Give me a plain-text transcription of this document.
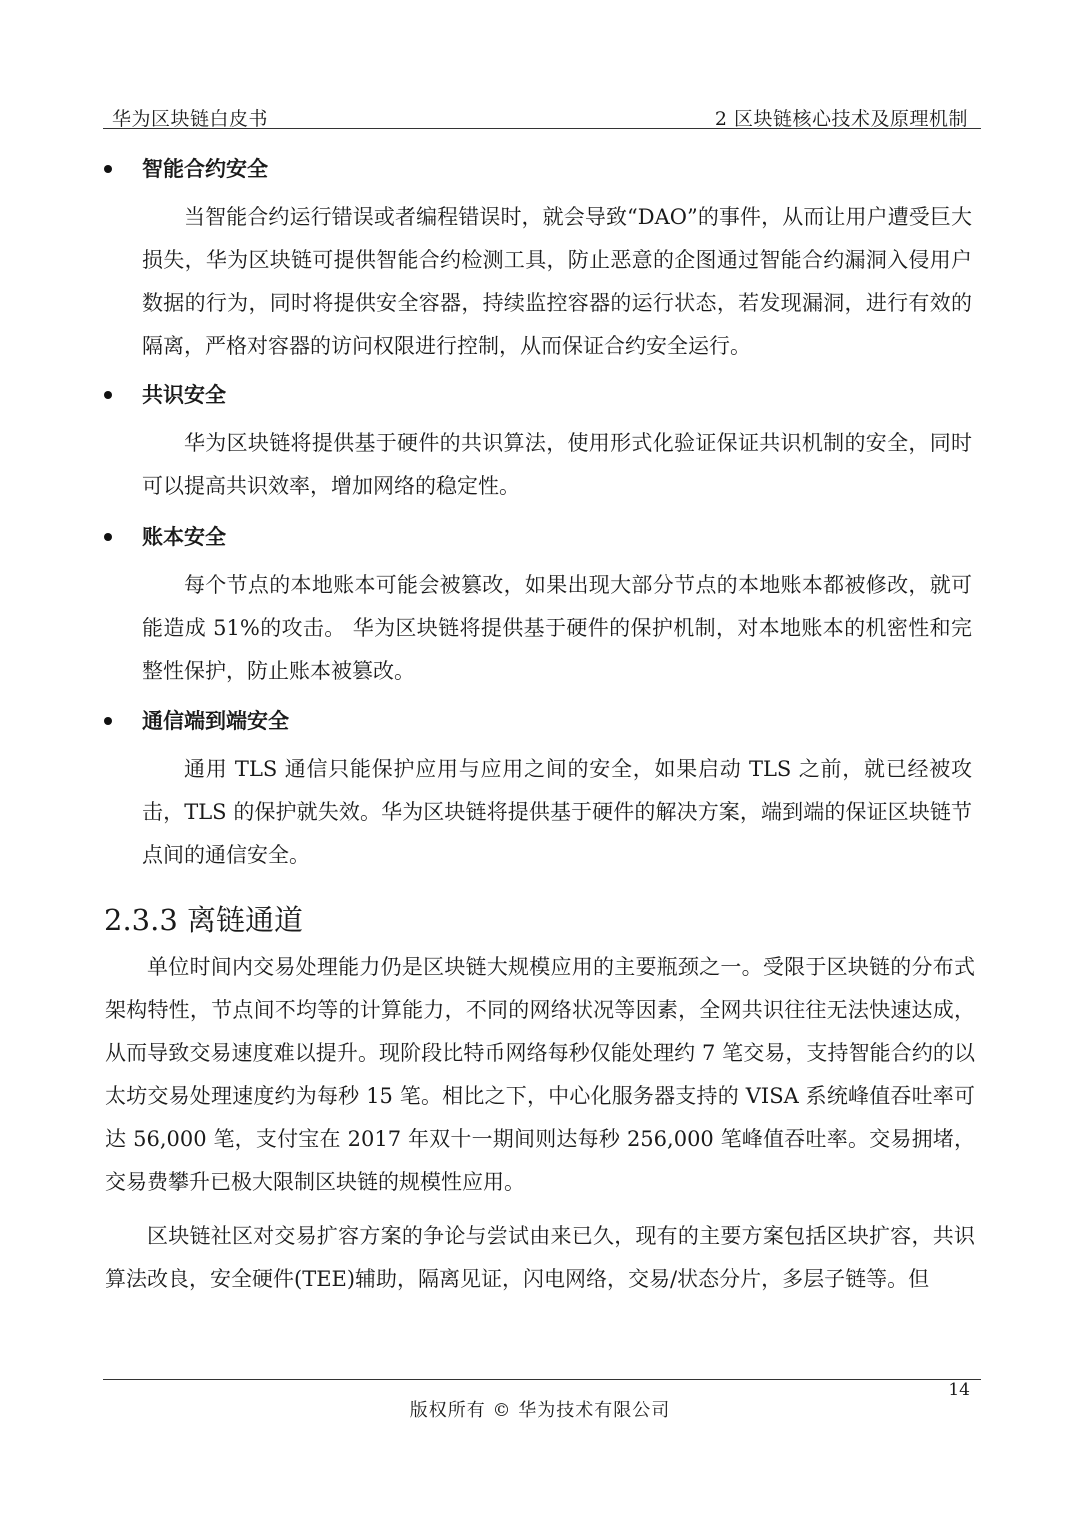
华为区块链白皮书	2 区块链核心技术及原理机制
智能合约安全

当智能合约运行错误或者编程错误时，就会导致“DAO”的事件，从而让用户遭受巨大损失，华为区块链可提供智能合约检测工具，防止恶意的企图通过智能合约漏洞入侵用户数据的行为，同时将提供安全容器，持续监控容器的运行状态，若发现漏洞，进行有效的隔离，严格对容器的访问权限进行控制，从而保证合约安全运行。

共识安全

华为区块链将提供基于硬件的共识算法，使用形式化验证保证共识机制的安全，同时可以提高共识效率，增加网络的稳定性。

账本安全

每个节点的本地账本可能会被篡改，如果出现大部分节点的本地账本都被修改，就可能造成 51%的攻击。 华为区块链将提供基于硬件的保护机制，对本地账本的机密性和完整性保护，防止账本被篡改。

通信端到端安全

通用 TLS 通信只能保护应用与应用之间的安全，如果启动 TLS 之前，就已经被攻击，TLS 的保护就失效。华为区块链将提供基于硬件的解决方案，端到端的保证区块链节点间的通信安全。

2.3.3 离链通道

单位时间内交易处理能力仍是区块链大规模应用的主要瓶颈之一。受限于区块链的分布式架构特性，节点间不均等的计算能力，不同的网络状况等因素，全网共识往往无法快速达成，从而导致交易速度难以提升。现阶段比特币网络每秒仅能处理约 7 笔交易，支持智能合约的以太坊交易处理速度约为每秒 15 笔。相比之下，中心化服务器支持的 VISA 系统峰值吞吐率可达 56,000 笔，支付宝在 2017 年双十一期间则达每秒 256,000 笔峰值吞吐率。交易拥堵，交易费攀升已极大限制区块链的规模性应用。

区块链社区对交易扩容方案的争论与尝试由来已久，现有的主要方案包括区块扩容，共识算法改良，安全硬件(TEE)辅助，隔离见证，闪电网络，交易/状态分片，多层子链等。但

14
版权所有 © 华为技术有限公司
